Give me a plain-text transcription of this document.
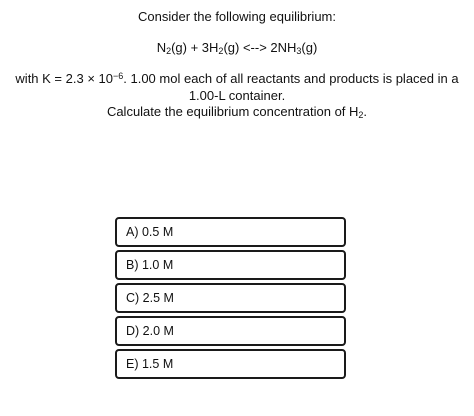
Consider the following equilibrium:
$N_2(g) + 3H_2(g)$ <--> $2NH_3(g)$
with $K = 2.3 \times 10^{-6}$. 1.00 mol each of all reactants and products is placed in a
1.00-L container.
Calculate the equilibrium concentration of $H_2$.
A) 0.5 M
B) 1.0 M
C) 2.5 M
D) 2.0 M
E) 1.5 M
